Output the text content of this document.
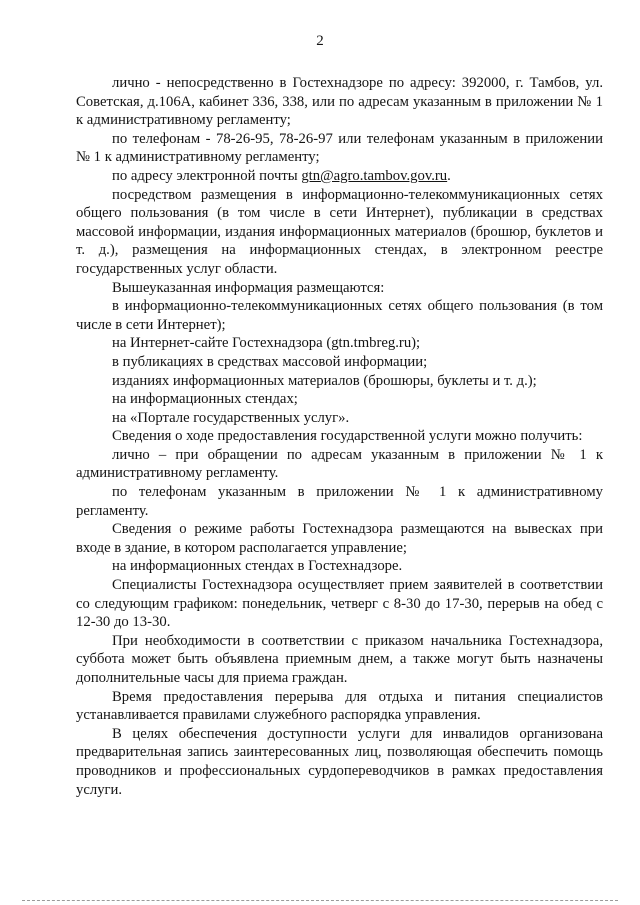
2

лично - непосредственно в Гостехнадзоре по адресу: 392000, г. Тамбов, ул. Советская, д.106А, кабинет 336, 338, или по адресам указанным в приложении № 1 к административному регламенту;

по телефонам - 78-26-95, 78-26-97 или телефонам указанным в приложении № 1 к административному регламенту;

по адресу электронной почты gtn@agro.tambov.gov.ru.

посредством размещения в информационно-телекоммуникационных сетях общего пользования (в том числе в сети Интернет), публикации в средствах массовой информации, издания информационных материалов (брошюр, буклетов и т. д.), размещения на информационных стендах, в электронном реестре государственных услуг области.

Вышеуказанная информация размещаются:

в информационно-телекоммуникационных сетях общего пользования (в том числе в сети Интернет);

на Интернет-сайте Гостехнадзора (gtn.tmbreg.ru);

в публикациях в средствах массовой информации;

изданиях информационных материалов (брошюры, буклеты и т. д.);

на информационных стендах;

на «Портале государственных услуг».

Сведения о ходе предоставления государственной услуги можно получить:

лично – при обращении по адресам указанным в приложении № 1 к административному регламенту.

по телефонам указанным в приложении № 1 к административному регламенту.

Сведения о режиме работы Гостехнадзора размещаются на вывесках при входе в здание, в котором располагается управление;

на информационных стендах в Гостехнадзоре.

Специалисты Гостехнадзора осуществляет прием заявителей в соответствии со следующим графиком: понедельник, четверг с 8-30 до 17-30, перерыв на обед с 12-30 до 13-30.

При необходимости в соответствии с приказом начальника Гостехнадзора, суббота может быть объявлена приемным днем, а также могут быть назначены дополнительные часы для приема граждан.

Время предоставления перерыва для отдыха и питания специалистов устанавливается правилами служебного распорядка управления.

В целях обеспечения доступности услуги для инвалидов организована предварительная запись заинтересованных лиц, позволяющая обеспечить помощь проводников и профессиональных сурдопереводчиков в рамках предоставления услуги.
